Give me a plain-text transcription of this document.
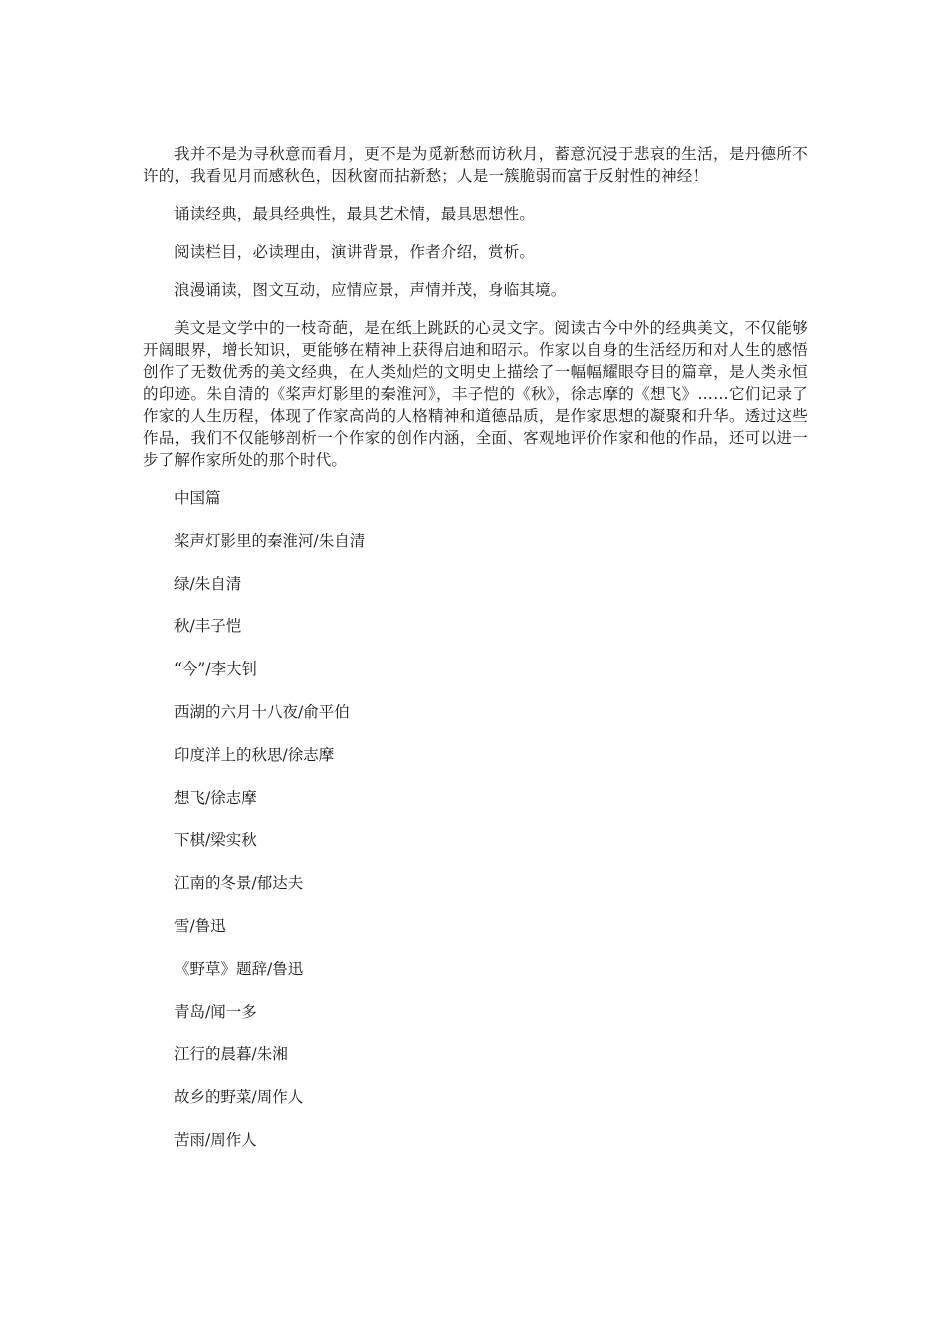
我并不是为寻秋意而看月，更不是为觅新愁而访秋月，蓄意沉浸于悲哀的生活，是丹德所不许的，我看见月而感秋色，因秋窗而拈新愁；人是一簇脆弱而富于反射性的神经！

诵读经典，最具经典性，最具艺术情，最具思想性。

阅读栏目，必读理由，演讲背景，作者介绍，赏析。

浪漫诵读，图文互动，应情应景，声情并茂，身临其境。

美文是文学中的一枝奇葩，是在纸上跳跃的心灵文字。阅读古今中外的经典美文，不仅能够开阔眼界，增长知识，更能够在精神上获得启迪和昭示。作家以自身的生活经历和对人生的感悟创作了无数优秀的美文经典，在人类灿烂的文明史上描绘了一幅幅耀眼夺目的篇章，是人类永恒的印迹。朱自清的《桨声灯影里的秦淮河》，丰子恺的《秋》，徐志摩的《想飞》……它们记录了作家的人生历程，体现了作家高尚的人格精神和道德品质，是作家思想的凝聚和升华。透过这些作品，我们不仅能够剖析一个作家的创作内涵，全面、客观地评价作家和他的作品，还可以进一步了解作家所处的那个时代。

中国篇
桨声灯影里的秦淮河/朱自清
绿/朱自清
秋/丰子恺
“今”/李大钊
西湖的六月十八夜/俞平伯
印度洋上的秋思/徐志摩
想飞/徐志摩
下棋/梁实秋
江南的冬景/郁达夫
雪/鲁迅
《野草》题辞/鲁迅
青岛/闻一多
江行的晨暮/朱湘
故乡的野菜/周作人
苦雨/周作人
